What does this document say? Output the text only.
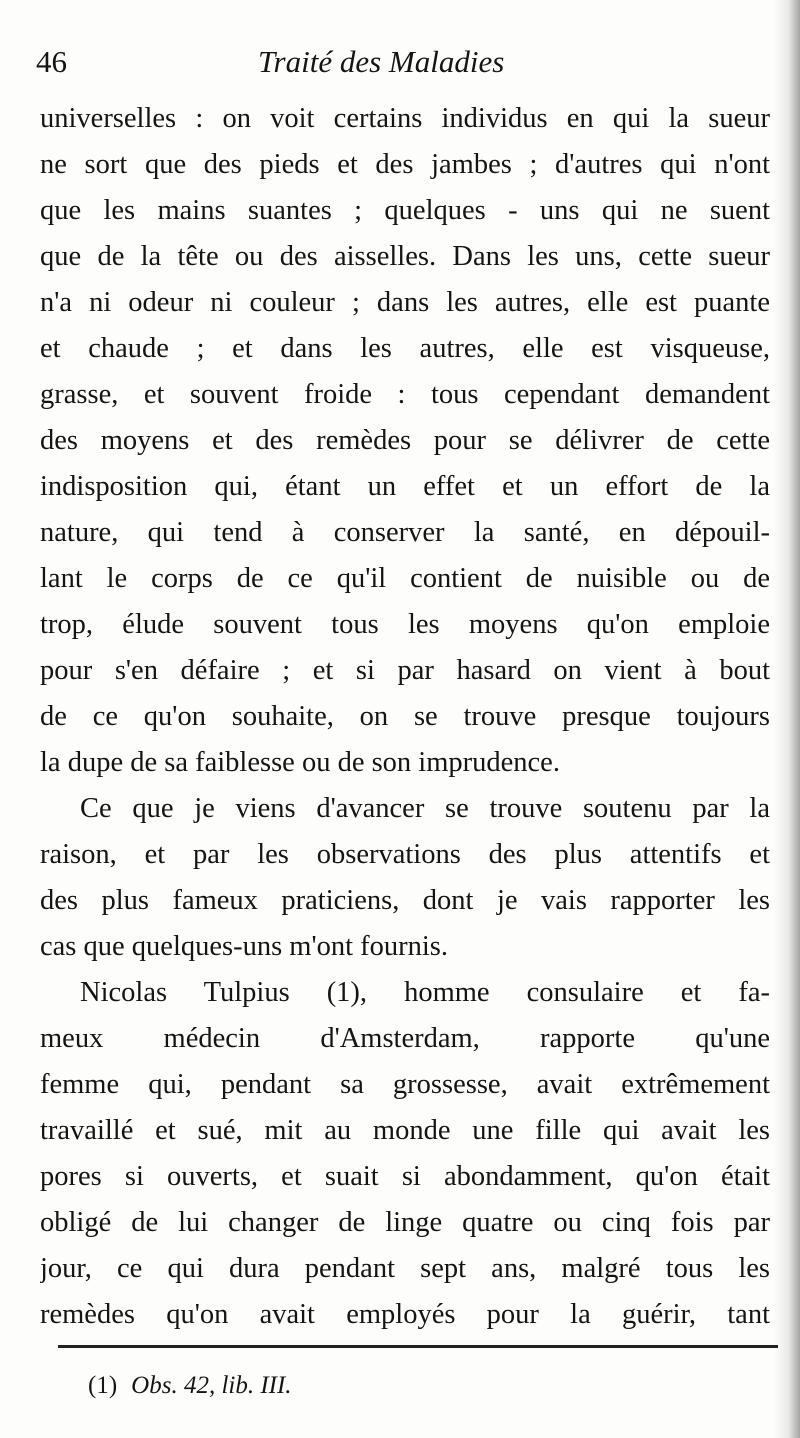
46	Traité des Maladies
universelles : on voit certains individus en qui la sueur
ne sort que des pieds et des jambes ; d'autres qui n'ont
que les mains suantes ; quelques - uns qui ne suent
que de la tête ou des aisselles. Dans les uns, cette sueur
n'a ni odeur ni couleur ; dans les autres, elle est puante
et chaude ; et dans les autres, elle est visqueuse,
grasse, et souvent froide : tous cependant demandent
des moyens et des remèdes pour se délivrer de cette
indisposition qui, étant un effet et un effort de la
nature, qui tend à conserver la santé, en dépouil-
lant le corps de ce qu'il contient de nuisible ou de
trop, élude souvent tous les moyens qu'on emploie
pour s'en défaire ; et si par hasard on vient à bout
de ce qu'on souhaite, on se trouve presque toujours
la dupe de sa faiblesse ou de son imprudence.
Ce que je viens d'avancer se trouve soutenu par la
raison, et par les observations des plus attentifs et
des plus fameux praticiens, dont je vais rapporter les
cas que quelques-uns m'ont fournis.
Nicolas Tulpius (1), homme consulaire et fa-
meux médecin d'Amsterdam, rapporte qu'une
femme qui, pendant sa grossesse, avait extrêmement
travaillé et sué, mit au monde une fille qui avait les
pores si ouverts, et suait si abondamment, qu'on était
obligé de lui changer de linge quatre ou cinq fois par
jour, ce qui dura pendant sept ans, malgré tous les
remèdes qu'on avait employés pour la guérir, tant
(1) Obs. 42, lib. III.
